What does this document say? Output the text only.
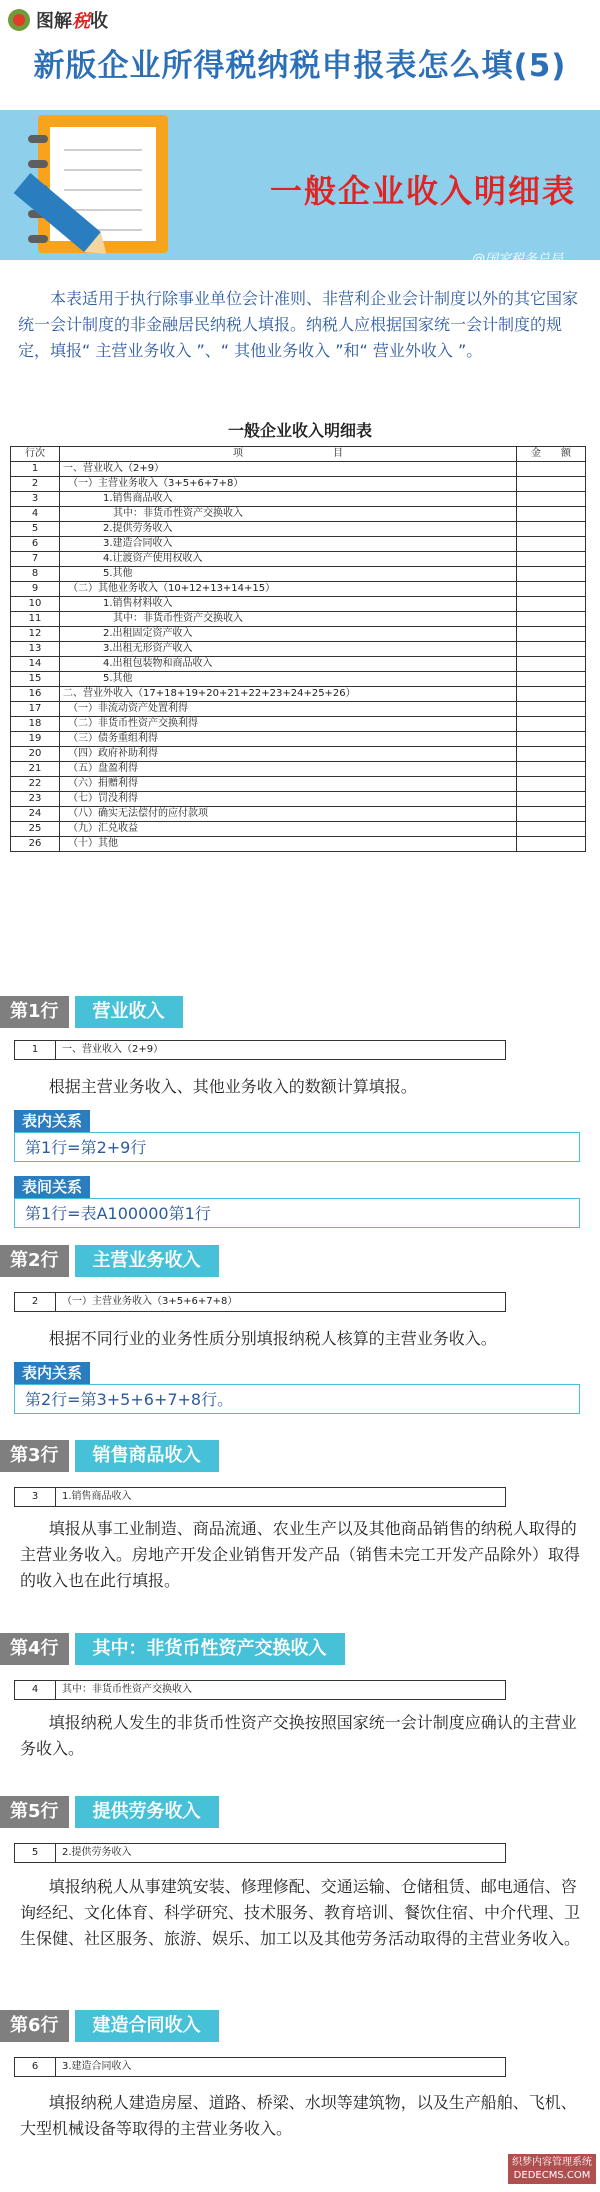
图解税收
新版企业所得税纳税申报表怎么填(5)
一般企业收入明细表
@国家税务总局
本表适用于执行除事业单位会计准则、非营利企业会计制度以外的其它国家统一会计制度的非金融居民纳税人填报。纳税人应根据国家统一会计制度的规定，填报“ 主营业务收入 ”、“ 其他业务收入 ”和“ 营业外收入 ”。
一般企业收入明细表
行次	项　　　　　　　　　目	金　　额
1	一、营业收入（2+9）	
2	　（一）主营业务收入（3+5+6+7+8）	
3	　　　　1.销售商品收入	
4	　　　　　其中：非货币性资产交换收入	
5	　　　　2.提供劳务收入	
6	　　　　3.建造合同收入	
7	　　　　4.让渡资产使用权收入	
8	　　　　5.其他	
9	　（二）其他业务收入（10+12+13+14+15）	
10	　　　　1.销售材料收入	
11	　　　　　其中：非货币性资产交换收入	
12	　　　　2.出租固定资产收入	
13	　　　　3.出租无形资产收入	
14	　　　　4.出租包装物和商品收入	
15	　　　　5.其他	
16	二、营业外收入（17+18+19+20+21+22+23+24+25+26）	
17	　（一）非流动资产处置利得	
18	　（二）非货币性资产交换利得	
19	　（三）债务重组利得	
20	　（四）政府补助利得	
21	　（五）盘盈利得	
22	　（六）捐赠利得	
23	　（七）罚没利得	
24	　（八）确实无法偿付的应付款项	
25	　（九）汇兑收益	
26	　（十）其他	
第1行	营业收入
1	一、营业收入（2+9）
根据主营业务收入、其他业务收入的数额计算填报。
表内关系
第1行=第2+9行
表间关系
第1行=表A100000第1行
第2行	主营业务收入
2	（一）主营业务收入（3+5+6+7+8）
根据不同行业的业务性质分别填报纳税人核算的主营业务收入。
表内关系
第2行=第3+5+6+7+8行。
第3行	销售商品收入
3	1.销售商品收入
填报从事工业制造、商品流通、农业生产以及其他商品销售的纳税人取得的主营业务收入。房地产开发企业销售开发产品（销售未完工开发产品除外）取得的收入也在此行填报。
第4行	其中：非货币性资产交换收入
4	其中：非货币性资产交换收入
填报纳税人发生的非货币性资产交换按照国家统一会计制度应确认的主营业务收入。
第5行	提供劳务收入
5	2.提供劳务收入
填报纳税人从事建筑安装、修理修配、交通运输、仓储租赁、邮电通信、咨询经纪、文化体育、科学研究、技术服务、教育培训、餐饮住宿、中介代理、卫生保健、社区服务、旅游、娱乐、加工以及其他劳务活动取得的主营业务收入。
第6行	建造合同收入
6	3.建造合同收入
填报纳税人建造房屋、道路、桥梁、水坝等建筑物，以及生产船舶、飞机、大型机械设备等取得的主营业务收入。
织梦内容管理系统
DEDECMS.COM
